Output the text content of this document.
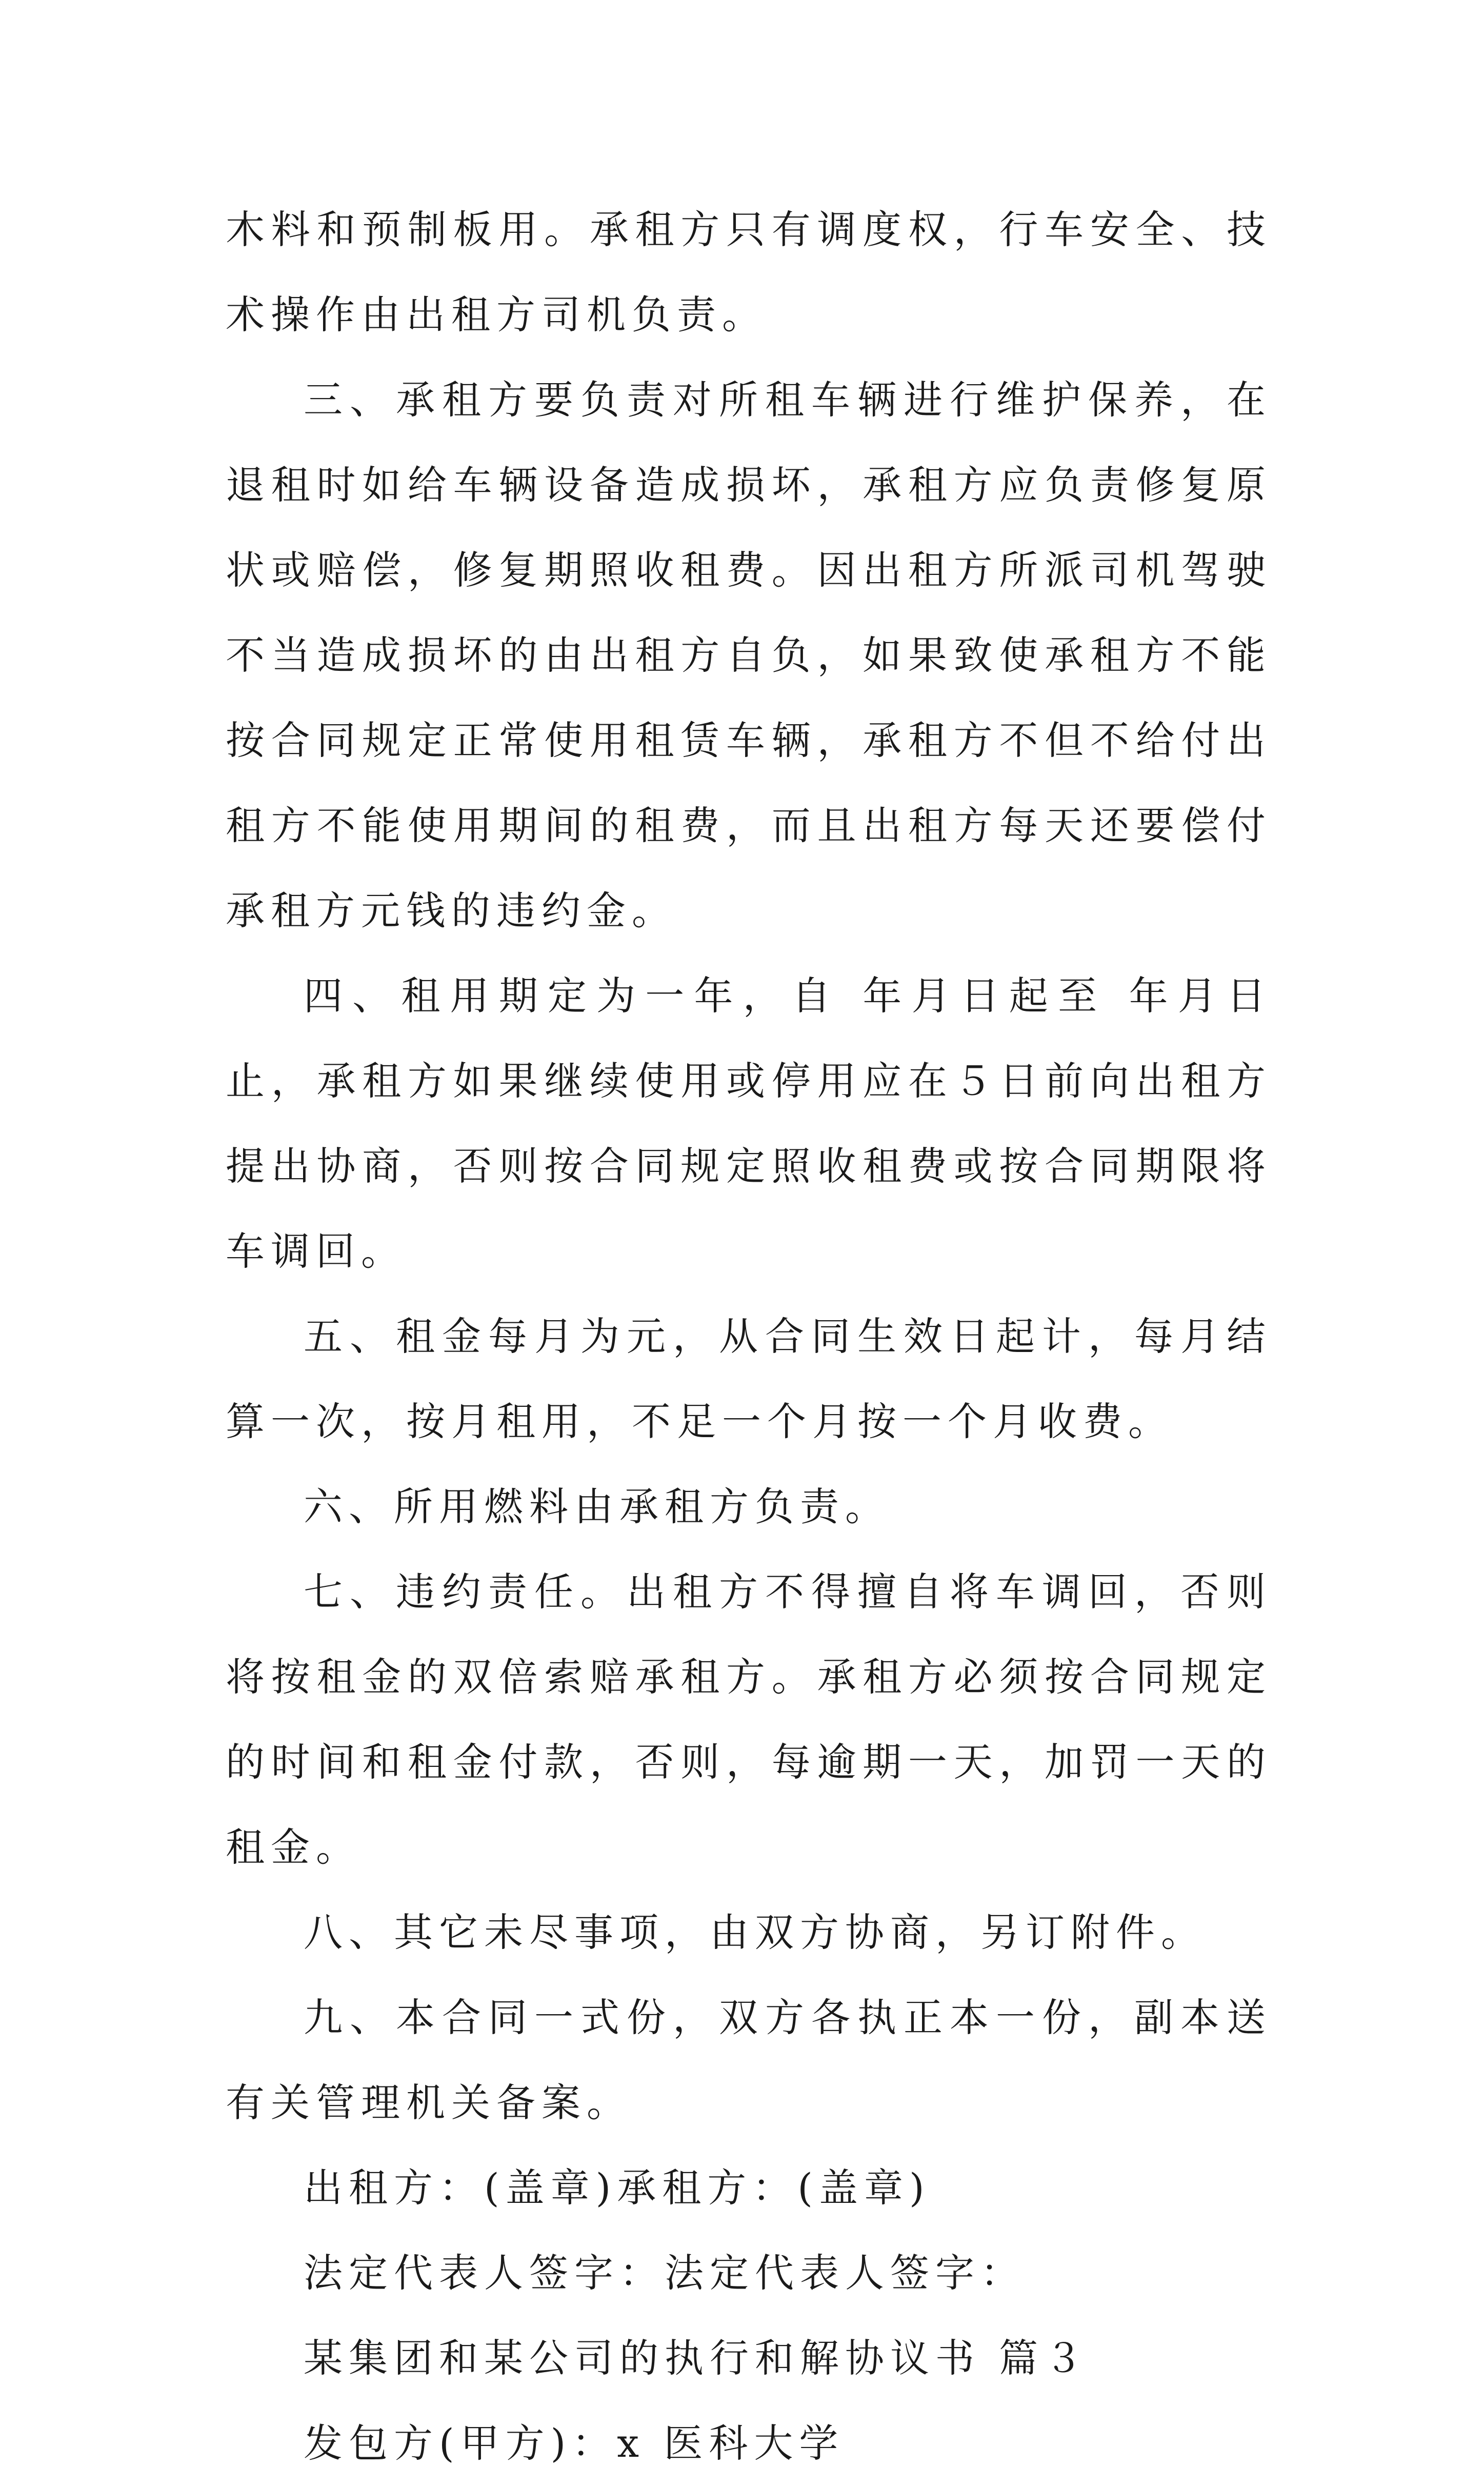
木料和预制板用。承租方只有调度权，行车安全、技术操作由出租方司机负责。

三、承租方要负责对所租车辆进行维护保养，在退租时如给车辆设备造成损坏，承租方应负责修复原状或赔偿，修复期照收租费。因出租方所派司机驾驶不当造成损坏的由出租方自负，如果致使承租方不能按合同规定正常使用租赁车辆，承租方不但不给付出租方不能使用期间的租费，而且出租方每天还要偿付承租方元钱的违约金。

四、租用期定为一年，自 年月日起至 年月日止，承租方如果继续使用或停用应在５日前向出租方提出协商，否则按合同规定照收租费或按合同期限将车调回。

五、租金每月为元，从合同生效日起计，每月结算一次，按月租用，不足一个月按一个月收费。

六、所用燃料由承租方负责。

七、违约责任。出租方不得擅自将车调回，否则将按租金的双倍索赔承租方。承租方必须按合同规定的时间和租金付款，否则，每逾期一天，加罚一天的租金。

八、其它未尽事项，由双方协商，另订附件。

九、本合同一式份，双方各执正本一份，副本送有关管理机关备案。

出租方：(盖章)承租方：(盖章)

法定代表人签字：法定代表人签字：

某集团和某公司的执行和解协议书 篇３

发包方(甲方)：x 医科大学
